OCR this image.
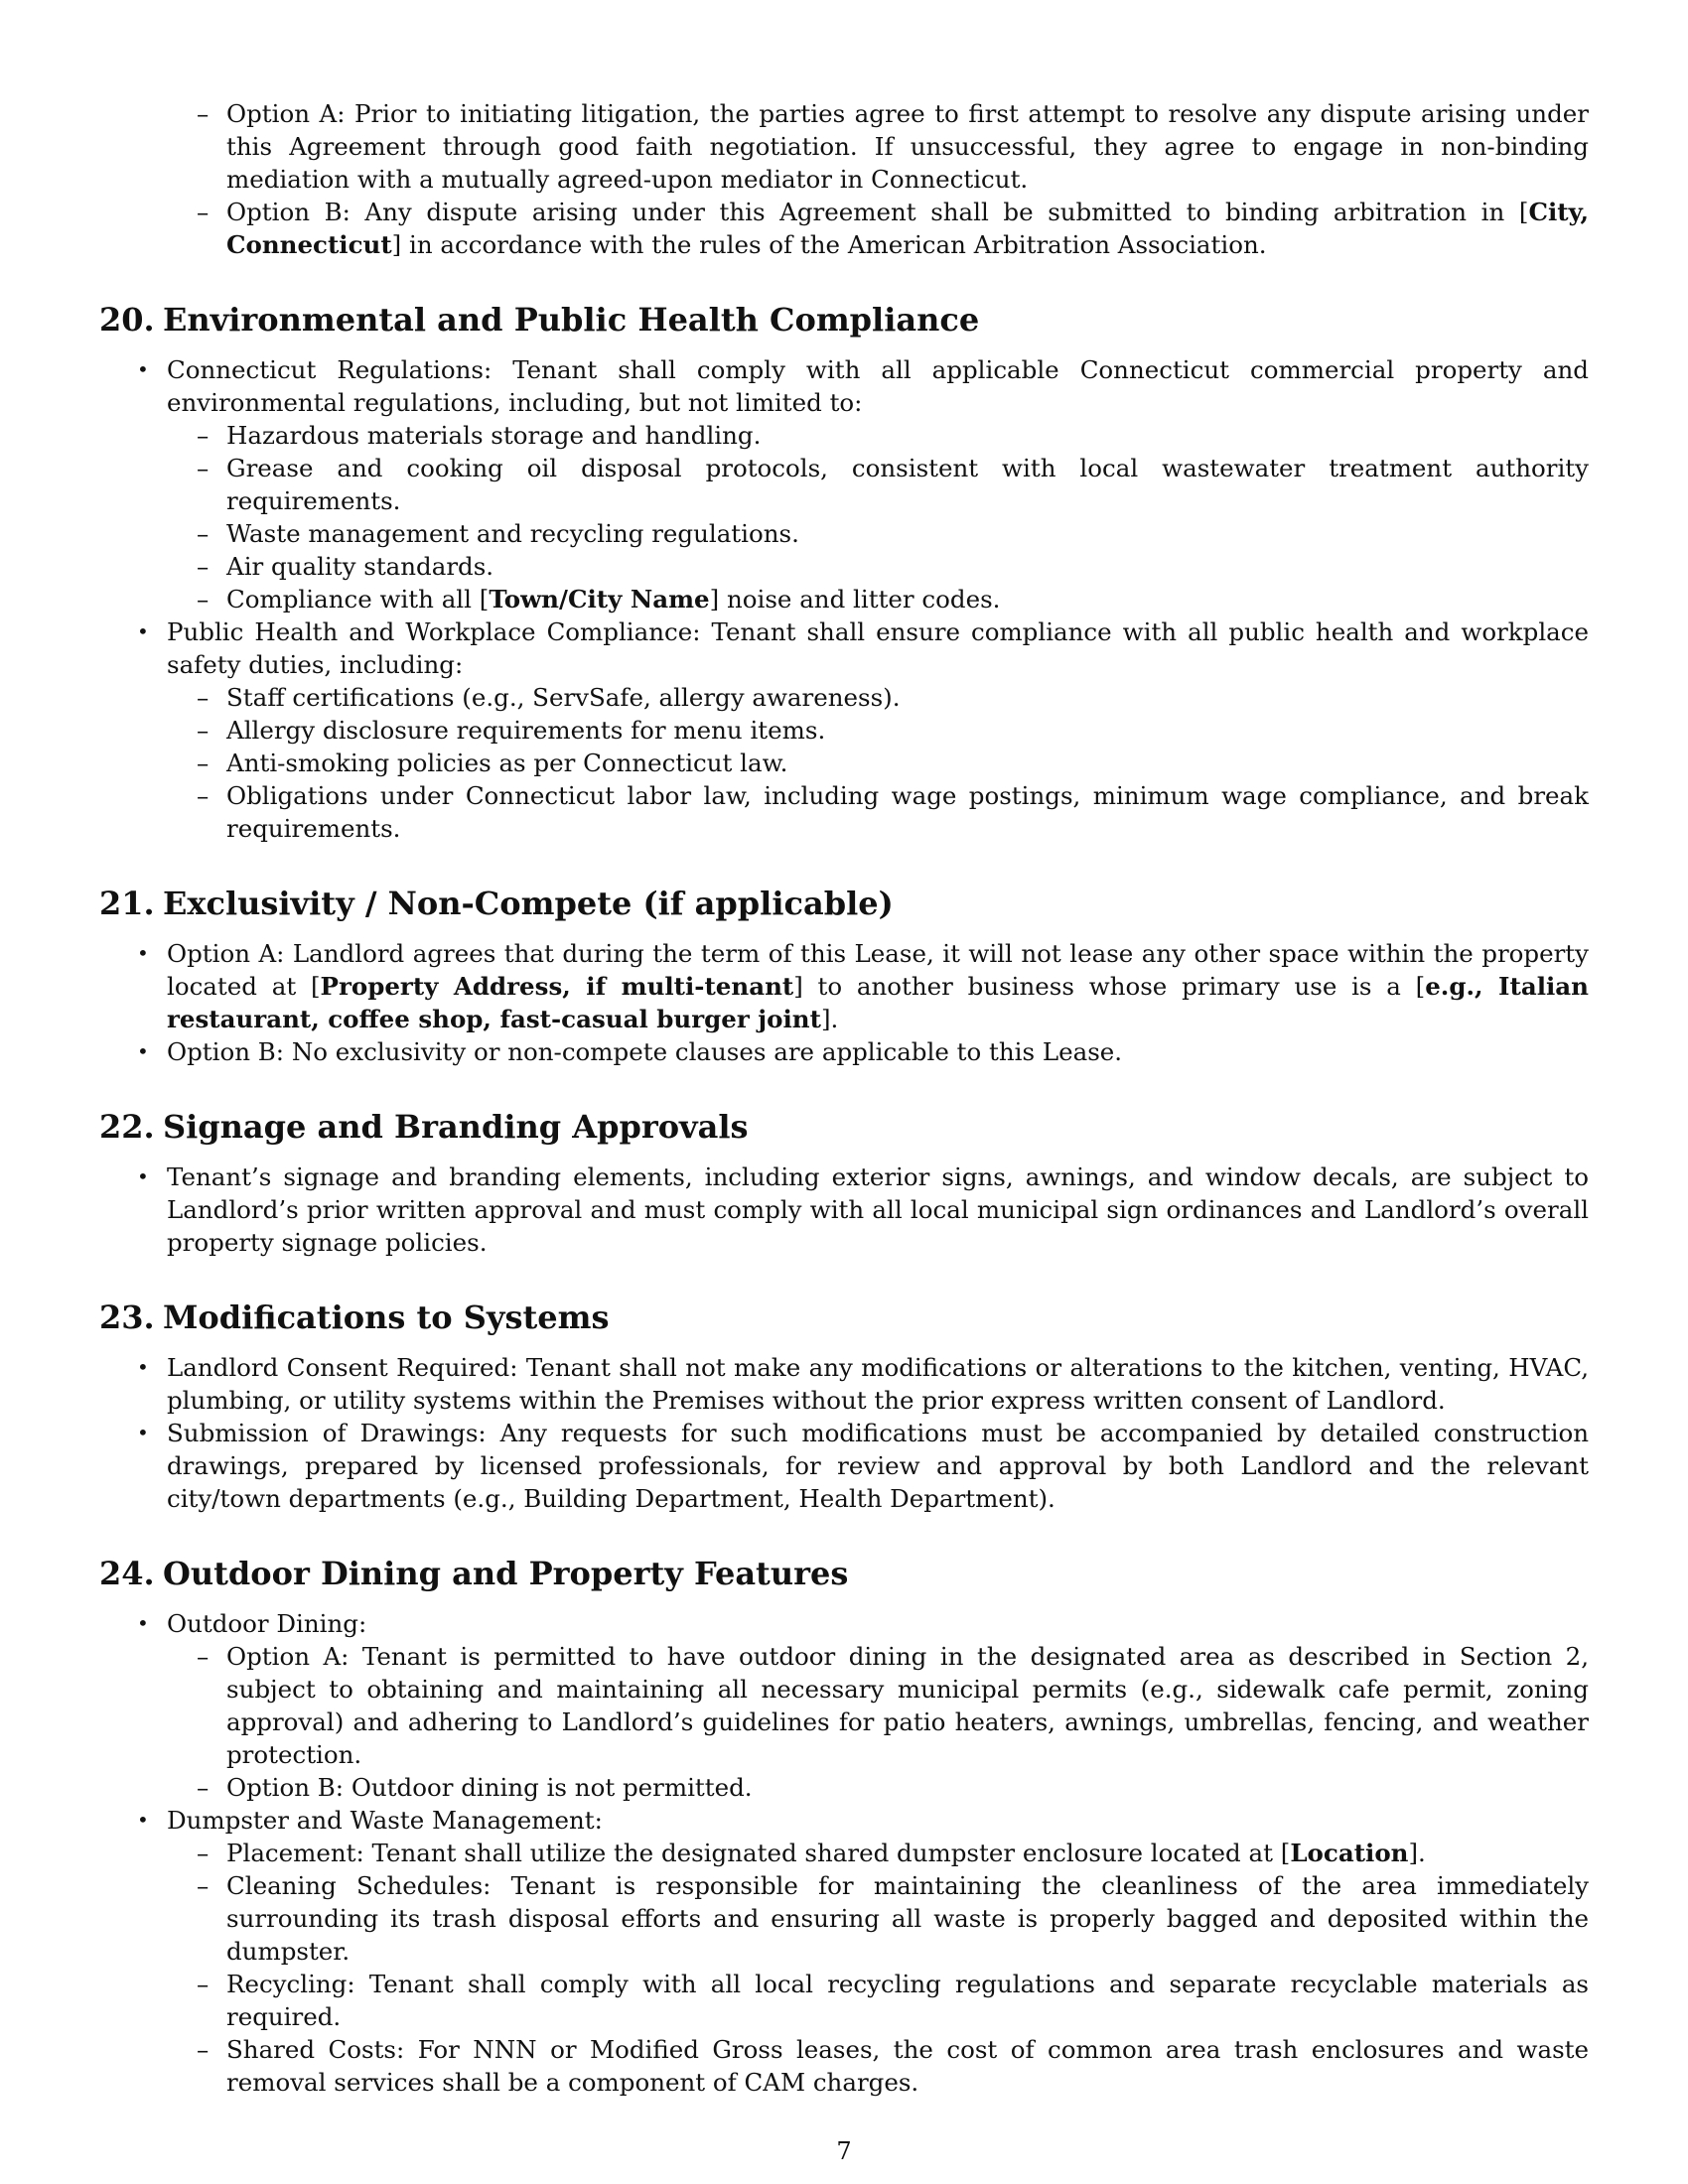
– Option A: Prior to initiating litigation, the parties agree to first attempt to resolve any dispute arising under this Agreement through good faith negotiation. If unsuccessful, they agree to engage in non-binding mediation with a mutually agreed-upon mediator in Connecticut.
– Option B: Any dispute arising under this Agreement shall be submitted to binding arbitration in [City, Connecticut] in accordance with the rules of the American Arbitration Association.
20. Environmental and Public Health Compliance
• Connecticut Regulations: Tenant shall comply with all applicable Connecticut commercial property and environmental regulations, including, but not limited to:
– Hazardous materials storage and handling.
– Grease and cooking oil disposal protocols, consistent with local wastewater treatment authority requirements.
– Waste management and recycling regulations.
– Air quality standards.
– Compliance with all [Town/City Name] noise and litter codes.
• Public Health and Workplace Compliance: Tenant shall ensure compliance with all public health and workplace safety duties, including:
– Staff certifications (e.g., ServSafe, allergy awareness).
– Allergy disclosure requirements for menu items.
– Anti-smoking policies as per Connecticut law.
– Obligations under Connecticut labor law, including wage postings, minimum wage compliance, and break requirements.
21. Exclusivity / Non-Compete (if applicable)
• Option A: Landlord agrees that during the term of this Lease, it will not lease any other space within the property located at [Property Address, if multi-tenant] to another business whose primary use is a [e.g., Italian restaurant, coffee shop, fast-casual burger joint].
• Option B: No exclusivity or non-compete clauses are applicable to this Lease.
22. Signage and Branding Approvals
• Tenant’s signage and branding elements, including exterior signs, awnings, and window decals, are subject to Landlord’s prior written approval and must comply with all local municipal sign ordinances and Landlord’s overall property signage policies.
23. Modifications to Systems
• Landlord Consent Required: Tenant shall not make any modifications or alterations to the kitchen, venting, HVAC, plumbing, or utility systems within the Premises without the prior express written consent of Landlord.
• Submission of Drawings: Any requests for such modifications must be accompanied by detailed construction drawings, prepared by licensed professionals, for review and approval by both Landlord and the relevant city/town departments (e.g., Building Department, Health Department).
24. Outdoor Dining and Property Features
• Outdoor Dining:
– Option A: Tenant is permitted to have outdoor dining in the designated area as described in Section 2, subject to obtaining and maintaining all necessary municipal permits (e.g., sidewalk cafe permit, zoning approval) and adhering to Landlord’s guidelines for patio heaters, awnings, umbrellas, fencing, and weather protection.
– Option B: Outdoor dining is not permitted.
• Dumpster and Waste Management:
– Placement: Tenant shall utilize the designated shared dumpster enclosure located at [Location].
– Cleaning Schedules: Tenant is responsible for maintaining the cleanliness of the area immediately surrounding its trash disposal efforts and ensuring all waste is properly bagged and deposited within the dumpster.
– Recycling: Tenant shall comply with all local recycling regulations and separate recyclable materials as required.
– Shared Costs: For NNN or Modified Gross leases, the cost of common area trash enclosures and waste removal services shall be a component of CAM charges.
7
